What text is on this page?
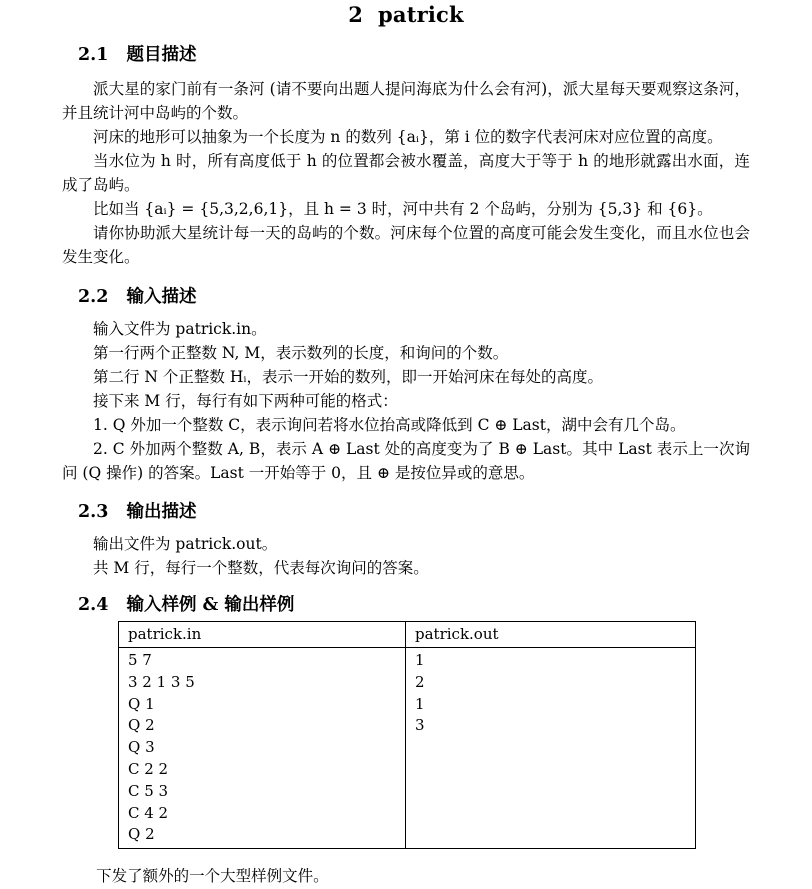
2 patrick
2.1 题目描述

派大星的家门前有一条河 (请不要向出题人提问海底为什么会有河)，派大星每天要观察这条河，并且统计河中岛屿的个数。

河床的地形可以抽象为一个长度为 n 的数列 {aᵢ}，第 i 位的数字代表河床对应位置的高度。

当水位为 h 时，所有高度低于 h 的位置都会被水覆盖，高度大于等于 h 的地形就露出水面，连成了岛屿。

比如当 {aᵢ} = {5,3,2,6,1}，且 h = 3 时，河中共有 2 个岛屿，分别为 {5,3} 和 {6}。

请你协助派大星统计每一天的岛屿的个数。河床每个位置的高度可能会发生变化，而且水位也会发生变化。

2.2 输入描述

输入文件为 patrick.in。

第一行两个正整数 N, M，表示数列的长度，和询问的个数。

第二行 N 个正整数 Hᵢ，表示一开始的数列，即一开始河床在每处的高度。

接下来 M 行，每行有如下两种可能的格式：

1. Q 外加一个整数 C，表示询问若将水位抬高或降低到 C ⊕ Last，湖中会有几个岛。

2. C 外加两个整数 A, B，表示 A ⊕ Last 处的高度变为了 B ⊕ Last。其中 Last 表示上一次询问 (Q 操作) 的答案。Last 一开始等于 0，且 ⊕ 是按位异或的意思。

2.3 输出描述

输出文件为 patrick.out。

共 M 行，每行一个整数，代表每次询问的答案。

2.4 输入样例 & 输出样例
patrick.in	patrick.out
5 7
3 2 1 3 5
Q 1
Q 2
Q 3
C 2 2
C 5 3
C 4 2
Q 2
1
2
1
3

下发了额外的一个大型样例文件。
